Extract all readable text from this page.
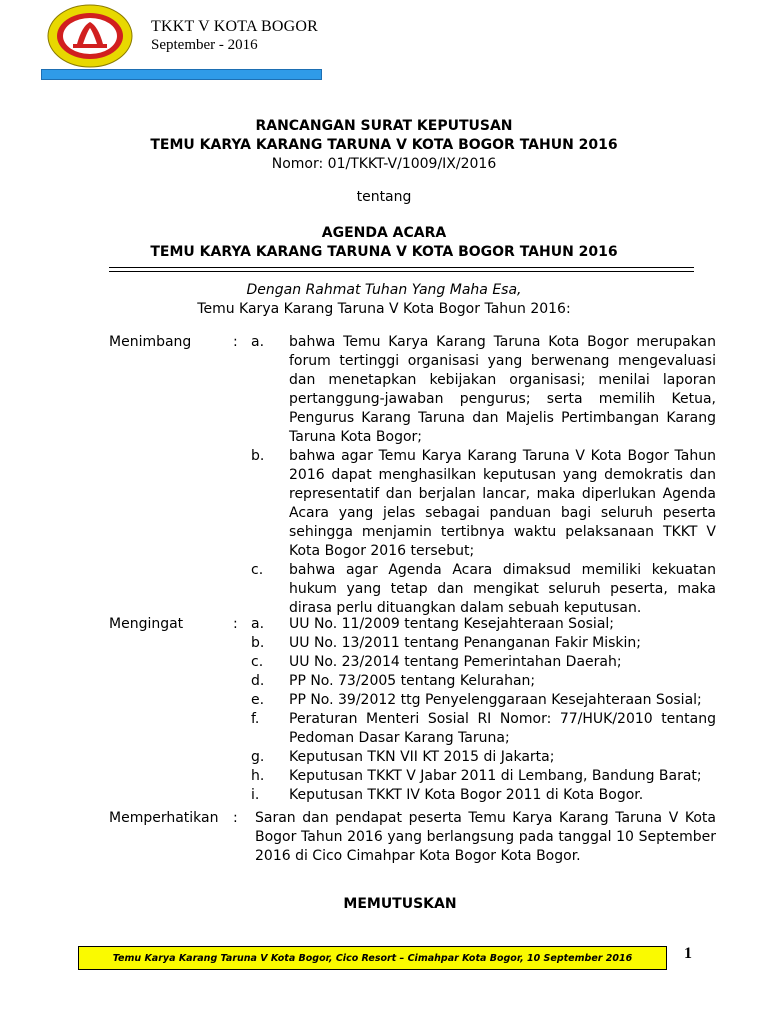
TKKT V KOTA BOGOR
September - 2016
RANCANGAN SURAT KEPUTUSAN
TEMU KARYA KARANG TARUNA V KOTA BOGOR TAHUN 2016
Nomor: 01/TKKT-V/1009/IX/2016
tentang
AGENDA ACARA
TEMU KARYA KARANG TARUNA V KOTA BOGOR TAHUN 2016
Dengan Rahmat Tuhan Yang Maha Esa,
Temu Karya Karang Taruna V Kota Bogor Tahun 2016:
Menimbang	: a. bahwa Temu Karya Karang Taruna Kota Bogor merupakan forum tertinggi organisasi yang berwenang mengevaluasi dan menetapkan kebijakan organisasi; menilai laporan pertanggung-jawaban pengurus; serta memilih Ketua, Pengurus Karang Taruna dan Majelis Pertimbangan Karang Taruna Kota Bogor;
b. bahwa agar Temu Karya Karang Taruna V Kota Bogor Tahun 2016 dapat menghasilkan keputusan yang demokratis dan representatif dan berjalan lancar, maka diperlukan Agenda Acara yang jelas sebagai panduan bagi seluruh peserta sehingga menjamin tertibnya waktu pelaksanaan TKKT V Kota Bogor 2016 tersebut;
c. bahwa agar Agenda Acara dimaksud memiliki kekuatan hukum yang tetap dan mengikat seluruh peserta, maka dirasa perlu dituangkan dalam sebuah keputusan.
Mengingat	: a. UU No. 11/2009 tentang Kesejahteraan Sosial;
b. UU No. 13/2011 tentang Penanganan Fakir Miskin;
c. UU No. 23/2014 tentang Pemerintahan Daerah;
d. PP No. 73/2005 tentang Kelurahan;
e. PP No. 39/2012 ttg Penyelenggaraan Kesejahteraan Sosial;
f. Peraturan Menteri Sosial RI Nomor: 77/HUK/2010 tentang Pedoman Dasar Karang Taruna;
g. Keputusan TKN VII KT 2015 di Jakarta;
h. Keputusan TKKT V Jabar 2011 di Lembang, Bandung Barat;
i. Keputusan TKKT IV Kota Bogor 2011 di Kota Bogor.
Memperhatikan : Saran dan pendapat peserta Temu Karya Karang Taruna V Kota Bogor Tahun 2016 yang berlangsung pada tanggal 10 September 2016 di Cico Cimahpar Kota Bogor Kota Bogor.
MEMUTUSKAN
Temu Karya Karang Taruna V Kota Bogor, Cico Resort – Cimahpar Kota Bogor, 10 September 2016	1
